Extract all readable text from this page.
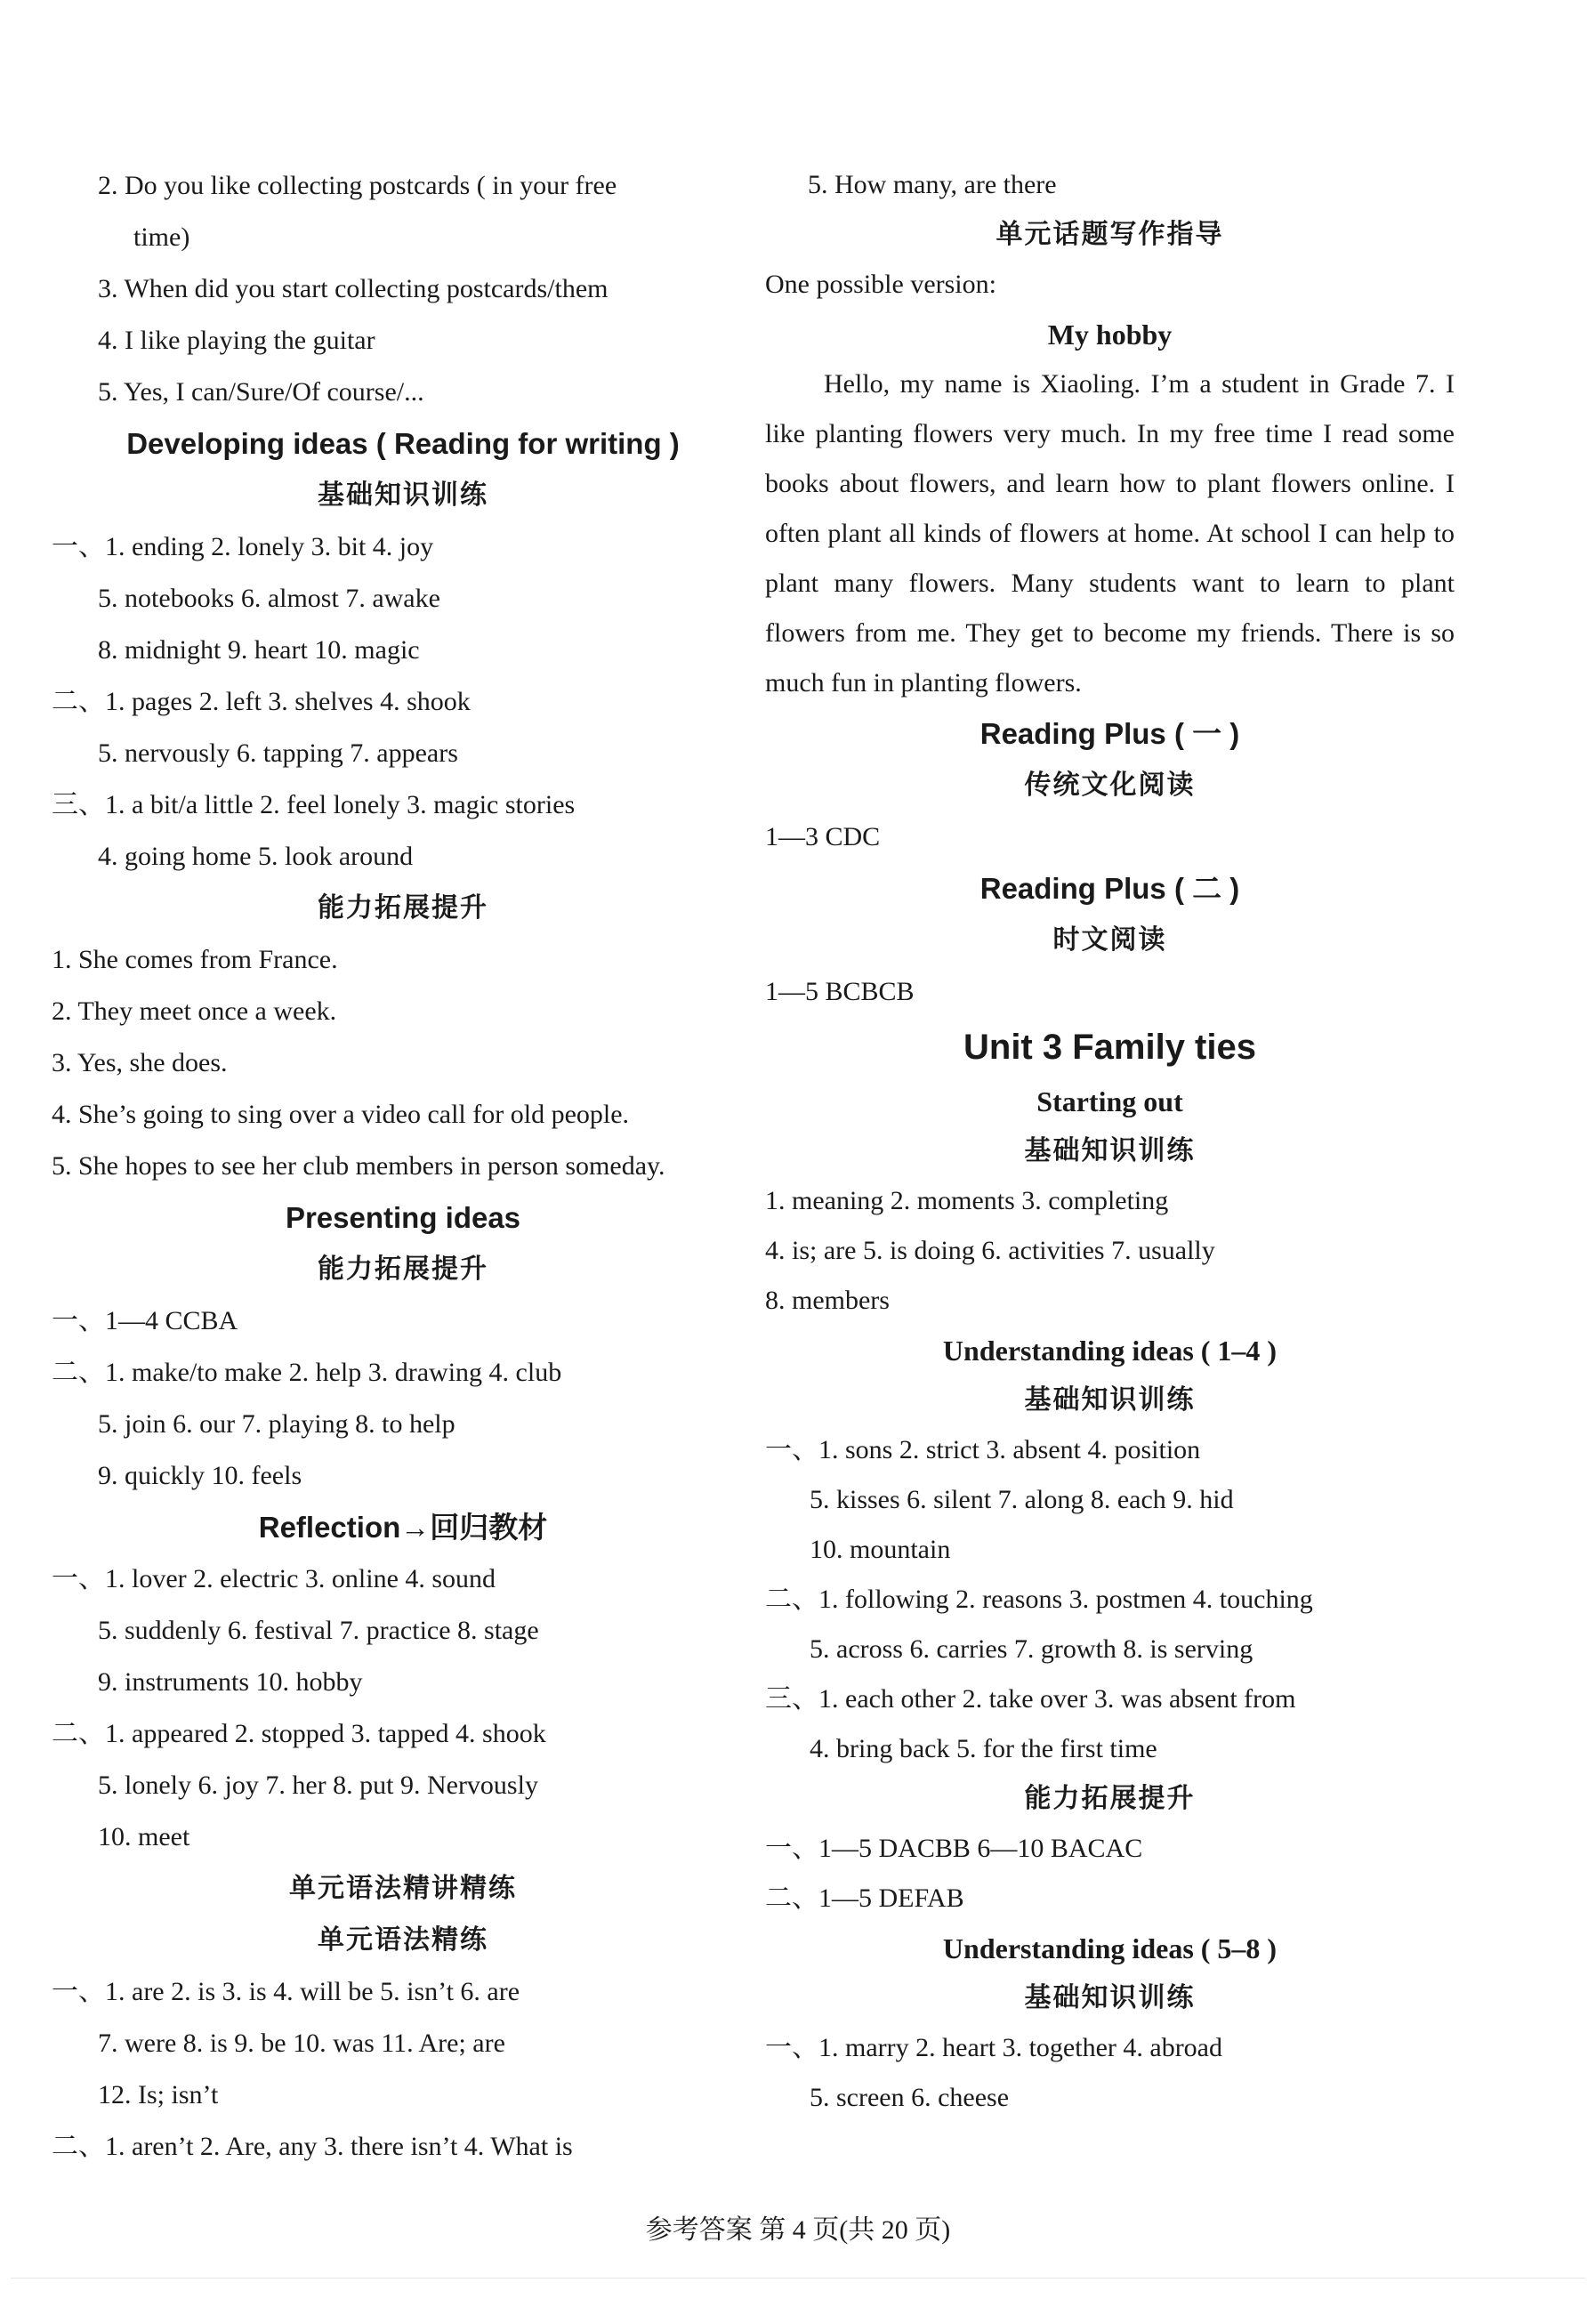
2. Do you like collecting postcards ( in your free
time)
3. When did you start collecting postcards/them
4. I like playing the guitar
5. Yes, I can/Sure/Of course/...
Developing ideas ( Reading for writing )
基础知识训练
一、1. ending 2. lonely 3. bit 4. joy
5. notebooks 6. almost 7. awake
8. midnight 9. heart 10. magic
二、1. pages 2. left 3. shelves 4. shook
5. nervously 6. tapping 7. appears
三、1. a bit/a little 2. feel lonely 3. magic stories
4. going home 5. look around
能力拓展提升
1. She comes from France.
2. They meet once a week.
3. Yes, she does.
4. She’s going to sing over a video call for old people.
5. She hopes to see her club members in person someday.
Presenting ideas
能力拓展提升
一、1—4 CCBA
二、1. make/to make 2. help 3. drawing 4. club
5. join 6. our 7. playing 8. to help
9. quickly 10. feels
Reflection→回归教材
一、1. lover 2. electric 3. online 4. sound
5. suddenly 6. festival 7. practice 8. stage
9. instruments 10. hobby
二、1. appeared 2. stopped 3. tapped 4. shook
5. lonely 6. joy 7. her 8. put 9. Nervously
10. meet
单元语法精讲精练
单元语法精练
一、1. are 2. is 3. is 4. will be 5. isn’t 6. are
7. were 8. is 9. be 10. was 11. Are; are
12. Is; isn’t
二、1. aren’t 2. Are, any 3. there isn’t 4. What is
5. How many, are there
单元话题写作指导
One possible version:
My hobby

Hello, my name is Xiaoling. I’m a student in Grade 7. I like planting flowers very much. In my free time I read some books about flowers, and learn how to plant flowers online. I often plant all kinds of flowers at home. At school I can help to plant many flowers. Many students want to learn to plant flowers from me. They get to become my friends. There is so much fun in planting flowers.

Reading Plus ( 一 )
传统文化阅读
1—3 CDC
Reading Plus ( 二 )
时文阅读
1—5 BCBCB
Unit 3 Family ties
Starting out
基础知识训练
1. meaning 2. moments 3. completing
4. is; are 5. is doing 6. activities 7. usually
8. members
Understanding ideas ( 1–4 )
基础知识训练
一、1. sons 2. strict 3. absent 4. position
5. kisses 6. silent 7. along 8. each 9. hid
10. mountain
二、1. following 2. reasons 3. postmen 4. touching
5. across 6. carries 7. growth 8. is serving
三、1. each other 2. take over 3. was absent from
4. bring back 5. for the first time
能力拓展提升
一、1—5 DACBB 6—10 BACAC
二、1—5 DEFAB
Understanding ideas ( 5–8 )
基础知识训练
一、1. marry 2. heart 3. together 4. abroad
5. screen 6. cheese
参考答案 第 4 页(共 20 页)
